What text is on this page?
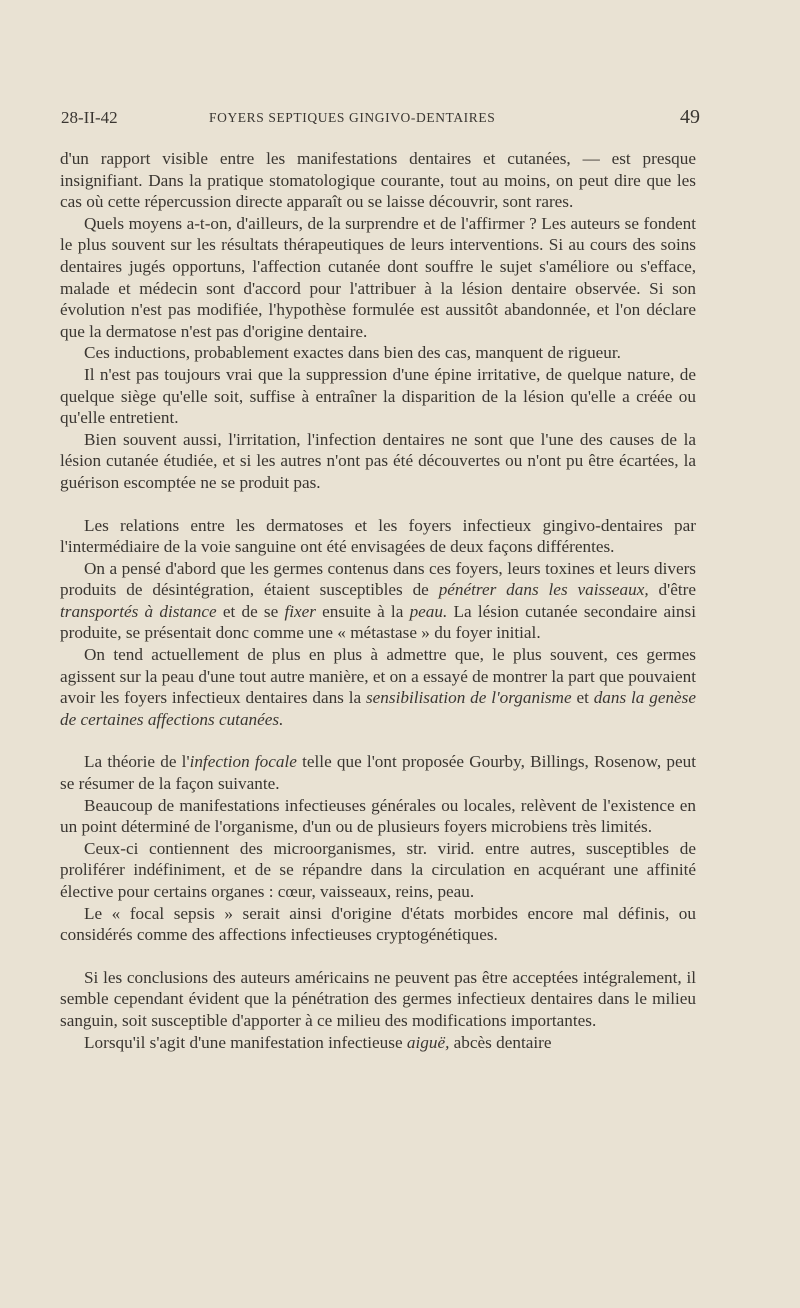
28-II-42	FOYERS SEPTIQUES GINGIVO-DENTAIRES	49

d'un rapport visible entre les manifestations dentaires et cutanées, — est presque insignifiant. Dans la pratique stomatologique courante, tout au moins, on peut dire que les cas où cette répercussion directe apparaît ou se laisse découvrir, sont rares.

Quels moyens a-t-on, d'ailleurs, de la surprendre et de l'affirmer ? Les auteurs se fondent le plus souvent sur les résultats thérapeutiques de leurs interventions. Si au cours des soins dentaires jugés opportuns, l'affection cutanée dont souffre le sujet s'améliore ou s'efface, malade et médecin sont d'accord pour l'attribuer à la lésion dentaire observée. Si son évolution n'est pas modifiée, l'hypothèse formulée est aussitôt abandonnée, et l'on déclare que la dermatose n'est pas d'origine dentaire.

Ces inductions, probablement exactes dans bien des cas, manquent de rigueur.

Il n'est pas toujours vrai que la suppression d'une épine irritative, de quelque nature, de quelque siège qu'elle soit, suffise à entraîner la disparition de la lésion qu'elle a créée ou qu'elle entretient.

Bien souvent aussi, l'irritation, l'infection dentaires ne sont que l'une des causes de la lésion cutanée étudiée, et si les autres n'ont pas été découvertes ou n'ont pu être écartées, la guérison escomptée ne se produit pas.

Les relations entre les dermatoses et les foyers infectieux gingivo-dentaires par l'intermédiaire de la voie sanguine ont été envisagées de deux façons différentes.

On a pensé d'abord que les germes contenus dans ces foyers, leurs toxines et leurs divers produits de désintégration, étaient susceptibles de pénétrer dans les vaisseaux, d'être transportés à distance et de se fixer ensuite à la peau. La lésion cutanée secondaire ainsi produite, se présentait donc comme une « métastase » du foyer initial.

On tend actuellement de plus en plus à admettre que, le plus souvent, ces germes agissent sur la peau d'une tout autre manière, et on a essayé de montrer la part que pouvaient avoir les foyers infectieux dentaires dans la sensibilisation de l'organisme et dans la genèse de certaines affections cutanées.

La théorie de l'infection focale telle que l'ont proposée Gourby, Billings, Rosenow, peut se résumer de la façon suivante.

Beaucoup de manifestations infectieuses générales ou locales, relèvent de l'existence en un point déterminé de l'organisme, d'un ou de plusieurs foyers microbiens très limités.

Ceux-ci contiennent des microorganismes, str. virid. entre autres, susceptibles de proliférer indéfiniment, et de se répandre dans la circulation en acquérant une affinité élective pour certains organes : cœur, vaisseaux, reins, peau.

Le « focal sepsis » serait ainsi d'origine d'états morbides encore mal définis, ou considérés comme des affections infectieuses cryptogénétiques.

Si les conclusions des auteurs américains ne peuvent pas être acceptées intégralement, il semble cependant évident que la pénétration des germes infectieux dentaires dans le milieu sanguin, soit susceptible d'apporter à ce milieu des modifications importantes.

Lorsqu'il s'agit d'une manifestation infectieuse aiguë, abcès dentaire
